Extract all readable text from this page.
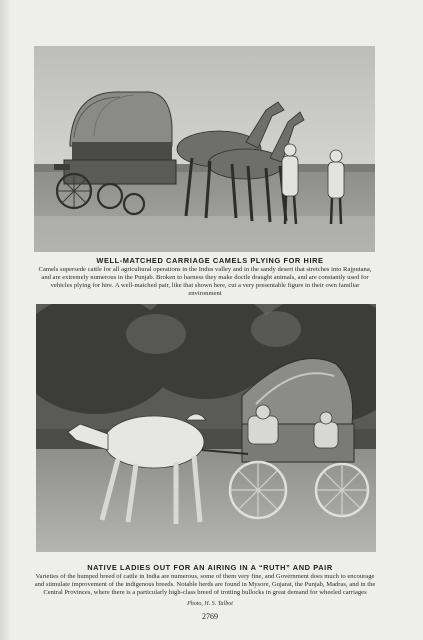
WELL-MATCHED CARRIAGE CAMELS PLYING FOR HIRE
Camels supersede cattle for all agricultural operations in the Indus valley and in the sandy desert that stretches into Rajputana, and are extremely numerous in the Punjab. Broken to harness they make docile draught animals, and are constantly used for vehicles plying for hire. A well-matched pair, like that shown here, cut a very presentable figure in their own familiar environment
NATIVE LADIES OUT FOR AN AIRING IN A “RUTH” AND PAIR
Varieties of the humped breed of cattle in India are numerous, some of them very fine, and Government does much to encourage and stimulate improvement of the indigenous breeds. Notable herds are found in Mysore, Gujarat, the Punjab, Madras, and in the Central Provinces, where there is a particularly high-class breed of trotting bullocks in great demand for wheeled carriages
Photo, H. S. Talbot
2769
